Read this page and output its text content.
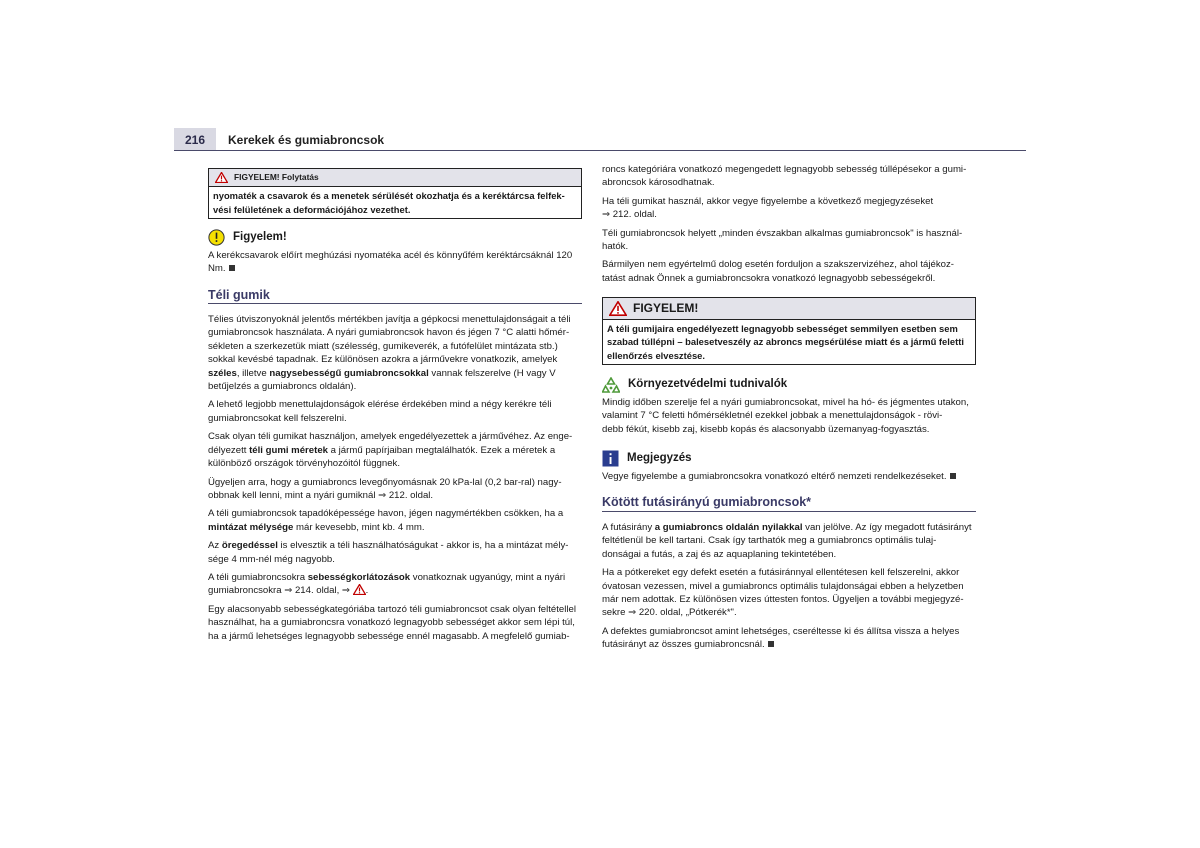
216	Kerekek és gumiabroncsok
FIGYELEM! Folytatás
nyomaték a csavarok és a menetek sérülését okozhatja és a keréktárcsa felfek-
vési felületének a deformációjához vezethet.
Figyelem!

A kerékcsavarok előírt meghúzási nyomatéka acél és könnyűfém keréktárcsáknál 120
Nm.

Téli gumik

Télies útviszonyoknál jelentős mértékben javítja a gépkocsi menettulajdonságait a téli
gumiabroncsok használata. A nyári gumiabroncsok havon és jégen 7 °C alatti hőmér-
sékleten a szerkezetük miatt (szélesség, gumikeverék, a futófelület mintázata stb.)
sokkal kevésbé tapadnak. Ez különösen azokra a járművekre vonatkozik, amelyek
széles, illetve nagysebességű gumiabroncsokkal vannak felszerelve (H vagy V
betűjelzés a gumiabroncs oldalán).

A lehető legjobb menettulajdonságok elérése érdekében mind a négy kerékre téli
gumiabroncsokat kell felszerelni.

Csak olyan téli gumikat használjon, amelyek engedélyezettek a járművéhez. Az enge-
délyezett téli gumi méretek a jármű papírjaiban megtalálhatók. Ezek a méretek a
különböző országok törvényhozóitól függnek.

Ügyeljen arra, hogy a gumiabroncs levegőnyomásnak 20 kPa-lal (0,2 bar-ral) nagy-
obbnak kell lenni, mint a nyári gumiknál ⇒ 212. oldal.

A téli gumiabroncsok tapadóképessége havon, jégen nagymértékben csökken, ha a
mintázat mélysége már kevesebb, mint kb. 4 mm.

Az öregedéssel is elvesztik a téli használhatóságukat - akkor is, ha a mintázat mély-
sége 4 mm-nél még nagyobb.

A téli gumiabroncsokra sebességkorlátozások vonatkoznak ugyanúgy, mint a nyári
gumiabroncsokra ⇒ 214. oldal, ⇒
.

Egy alacsonyabb sebességkategóriába tartozó téli gumiabroncsot csak olyan feltétellel
használhat, ha a gumiabroncsra vonatkozó legnagyobb sebességet akkor sem lépi túl,
ha a jármű lehetséges legnagyobb sebessége ennél magasabb. A megfelelő gumiab-

roncs kategóriára vonatkozó megengedett legnagyobb sebesség túllépésekor a gumi-
abroncsok károsodhatnak.

Ha téli gumikat használ, akkor vegye figyelembe a következő megjegyzéseket
⇒ 212. oldal.

Téli gumiabroncsok helyett „minden évszakban alkalmas gumiabroncsok" is használ-
hatók.

Bármilyen nem egyértelmű dolog esetén forduljon a szakszervizéhez, ahol tájékoz-
tatást adnak Önnek a gumiabroncsokra vonatkozó legnagyobb sebességekről.

FIGYELEM!
A téli gumijaira engedélyezett legnagyobb sebességet semmilyen esetben sem
szabad túllépni – balesetveszély az abroncs megsérülése miatt és a jármű feletti
ellenőrzés elvesztése.
Környezetvédelmi tudnivalók

Mindig időben szerelje fel a nyári gumiabroncsokat, mivel ha hó- és jégmentes utakon,
valamint 7 °C feletti hőmérsékletnél ezekkel jobbak a menettulajdonságok - rövi-
debb fékút, kisebb zaj, kisebb kopás és alacsonyabb üzemanyag-fogyasztás.

Megjegyzés

Vegye figyelembe a gumiabroncsokra vonatkozó eltérő nemzeti rendelkezéseket.

Kötött futásirányú gumiabroncsok*

A futásirány a gumiabroncs oldalán nyilakkal van jelölve. Az így megadott futásirányt
feltétlenül be kell tartani. Csak így tarthatók meg a gumiabroncs optimális tulaj-
donságai a futás, a zaj és az aquaplaning tekintetében.

Ha a pótkereket egy defekt esetén a futásiránnyal ellentétesen kell felszerelni, akkor
óvatosan vezessen, mivel a gumiabroncs optimális tulajdonságai ebben a helyzetben
már nem adottak. Ez különösen vizes úttesten fontos. Ügyeljen a további megjegyzé-
sekre ⇒ 220. oldal, „Pótkerék*".

A defektes gumiabroncsot amint lehetséges, cseréltesse ki és állítsa vissza a helyes
futásirányt az összes gumiabroncsnál.
